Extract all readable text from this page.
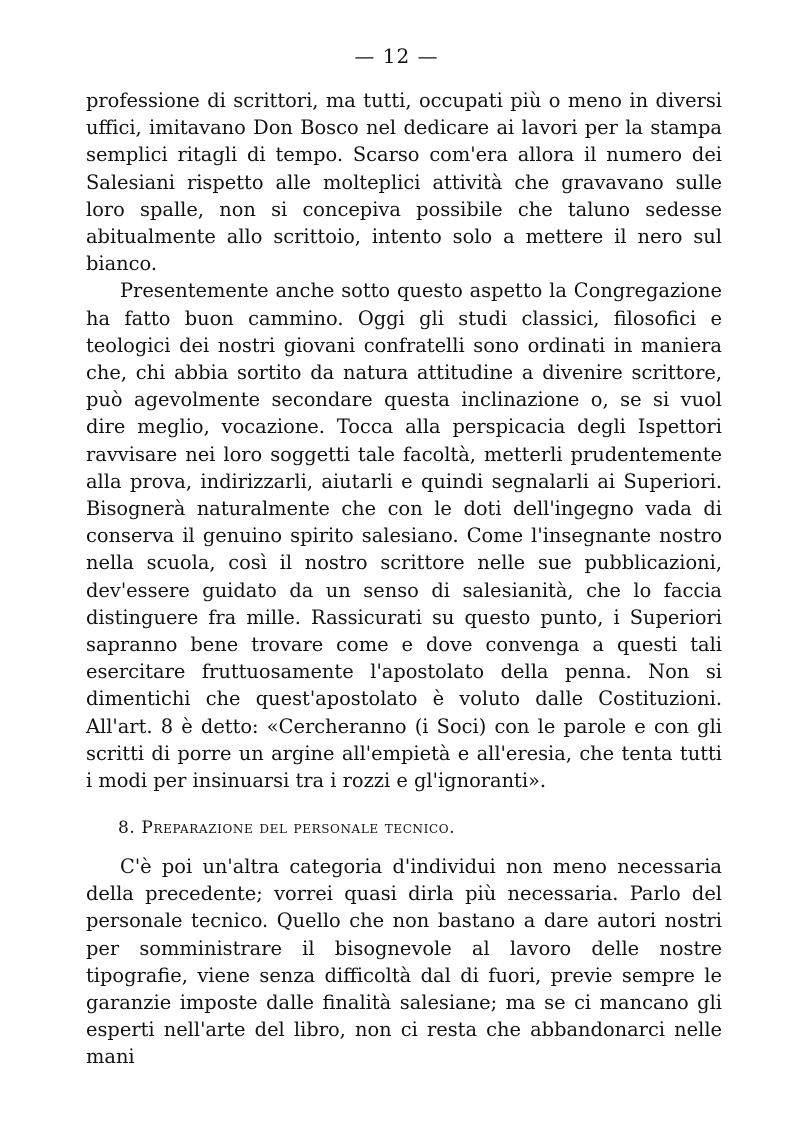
— 12 —

professione di scrittori, ma tutti, occupati più o meno in diversi uffici, imitavano Don Bosco nel dedicare ai lavori per la stampa semplici ritagli di tempo. Scarso com'era allora il numero dei Salesiani rispetto alle molteplici attività che gravavano sulle loro spalle, non si concepiva possibile che taluno sedesse abitualmente allo scrittoio, intento solo a mettere il nero sul bianco.

Presentemente anche sotto questo aspetto la Congregazione ha fatto buon cammino. Oggi gli studi classici, filosofici e teologici dei nostri giovani confratelli sono ordinati in maniera che, chi abbia sortito da natura attitudine a divenire scrittore, può agevolmente secondare questa inclinazione o, se si vuol dire meglio, vocazione. Tocca alla perspicacia degli Ispettori ravvisare nei loro soggetti tale facoltà, metterli prudentemente alla prova, indirizzarli, aiutarli e quindi segnalarli ai Superiori. Bisognerà naturalmente che con le doti dell'ingegno vada di conserva il genuino spirito salesiano. Come l'insegnante nostro nella scuola, così il nostro scrittore nelle sue pubblicazioni, dev'essere guidato da un senso di salesianità, che lo faccia distinguere fra mille. Rassicurati su questo punto, i Superiori sapranno bene trovare come e dove convenga a questi tali esercitare fruttuosamente l'apostolato della penna. Non si dimentichi che quest'apostolato è voluto dalle Costituzioni. All'art. 8 è detto: «Cercheranno (i Soci) con le parole e con gli scritti di porre un argine all'empietà e all'eresia, che tenta tutti i modi per insinuarsi tra i rozzi e gl'ignoranti».

8. Preparazione del personale tecnico.

C'è poi un'altra categoria d'individui non meno necessaria della precedente; vorrei quasi dirla più necessaria. Parlo del personale tecnico. Quello che non bastano a dare autori nostri per somministrare il bisognevole al lavoro delle nostre tipografie, viene senza difficoltà dal di fuori, previe sempre le garanzie imposte dalle finalità salesiane; ma se ci mancano gli esperti nell'arte del libro, non ci resta che abbandonarci nelle mani
